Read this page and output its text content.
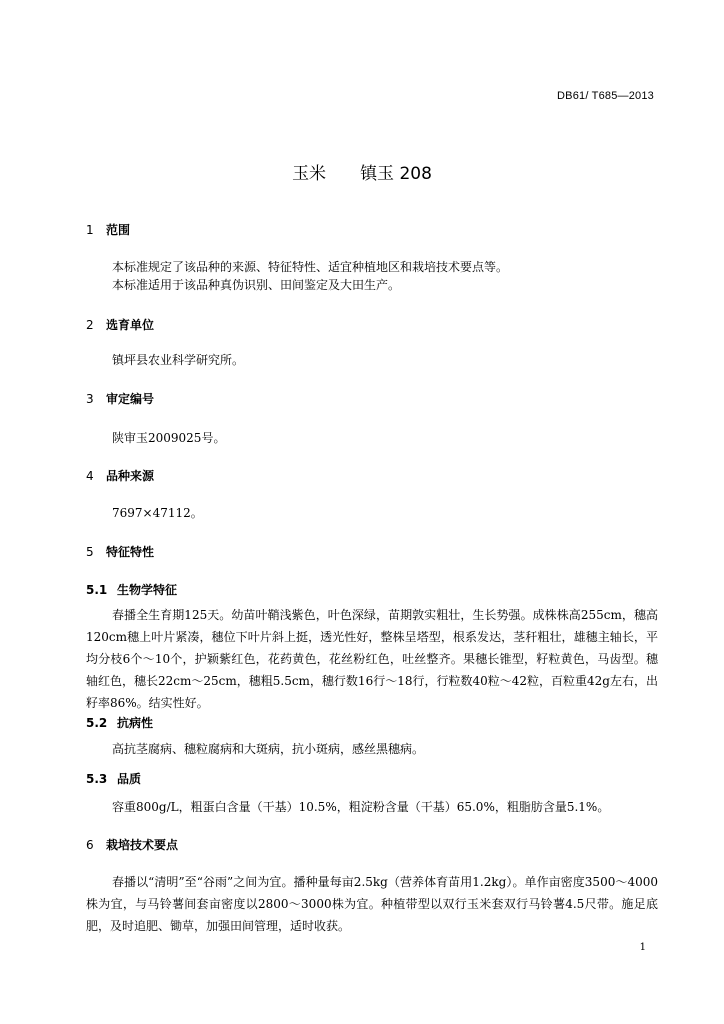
DB61/ T685—2013
玉米 镇玉 208
1 范围
本标准规定了该品种的来源、特征特性、适宜种植地区和栽培技术要点等。
本标准适用于该品种真伪识别、田间鉴定及大田生产。
2 选育单位
镇坪县农业科学研究所。
3 审定编号
陕审玉2009025号。
4 品种来源
7697×47112。
5 特征特性
5.1 生物学特征
春播全生育期125天。幼苗叶鞘浅紫色，叶色深绿，苗期敦实粗壮，生长势强。成株株高255cm，穗高120cm穗上叶片紧凑，穗位下叶片斜上挺，透光性好，整株呈塔型，根系发达，茎秆粗壮，雄穗主轴长，平均分枝6个～10个，护颖紫红色，花药黄色，花丝粉红色，吐丝整齐。果穗长锥型，籽粒黄色，马齿型。穗轴红色，穗长22cm～25cm，穗粗5.5cm，穗行数16行～18行，行粒数40粒～42粒，百粒重42g左右，出籽率86%。结实性好。
5.2 抗病性
高抗茎腐病、穗粒腐病和大斑病，抗小斑病，感丝黑穗病。
5.3 品质
容重800g/L，粗蛋白含量（干基）10.5%，粗淀粉含量（干基）65.0%，粗脂肪含量5.1%。
6 栽培技术要点
春播以“清明”至“谷雨”之间为宜。播种量每亩2.5kg（营养体育苗用1.2kg）。单作亩密度3500～4000株为宜，与马铃薯间套亩密度以2800～3000株为宜。种植带型以双行玉米套双行马铃薯4.5尺带。施足底肥，及时追肥、锄草，加强田间管理，适时收获。
1
